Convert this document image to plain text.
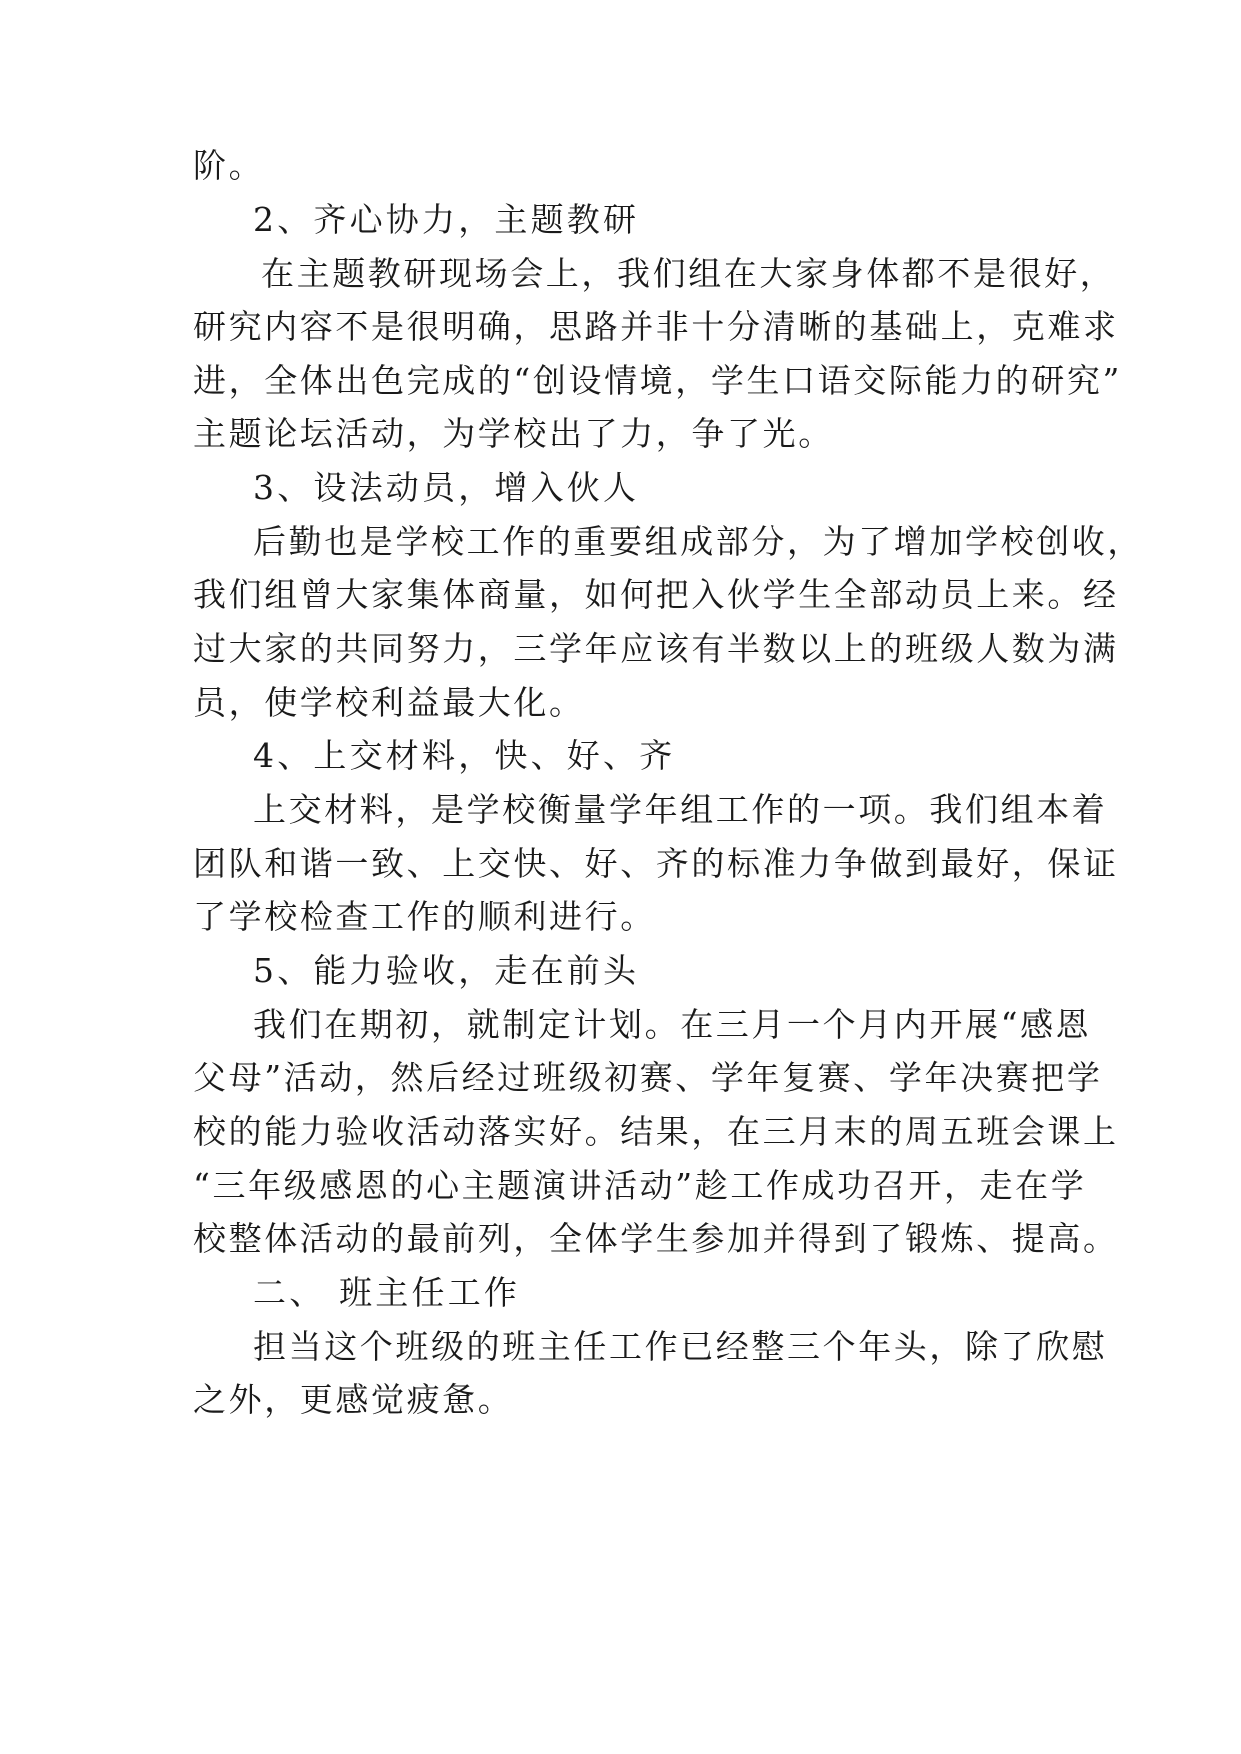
阶。
2、齐心协力，主题教研
在主题教研现场会上，我们组在大家身体都不是很好，
研究内容不是很明确，思路并非十分清晰的基础上，克难求
进，全体出色完成的“创设情境，学生口语交际能力的研究”
主题论坛活动，为学校出了力，争了光。
3、设法动员，增入伙人
后勤也是学校工作的重要组成部分，为了增加学校创收，
我们组曾大家集体商量，如何把入伙学生全部动员上来。经
过大家的共同努力，三学年应该有半数以上的班级人数为满
员，使学校利益最大化。
4、上交材料，快、好、齐
上交材料，是学校衡量学年组工作的一项。我们组本着
团队和谐一致、上交快、好、齐的标准力争做到最好，保证
了学校检查工作的顺利进行。
5、能力验收，走在前头
我们在期初，就制定计划。在三月一个月内开展“感恩
父母”活动，然后经过班级初赛、学年复赛、学年决赛把学
校的能力验收活动落实好。结果，在三月末的周五班会课上
“三年级感恩的心主题演讲活动”趁工作成功召开，走在学
校整体活动的最前列，全体学生参加并得到了锻炼、提高。
二、 班主任工作
担当这个班级的班主任工作已经整三个年头，除了欣慰
之外，更感觉疲惫。
